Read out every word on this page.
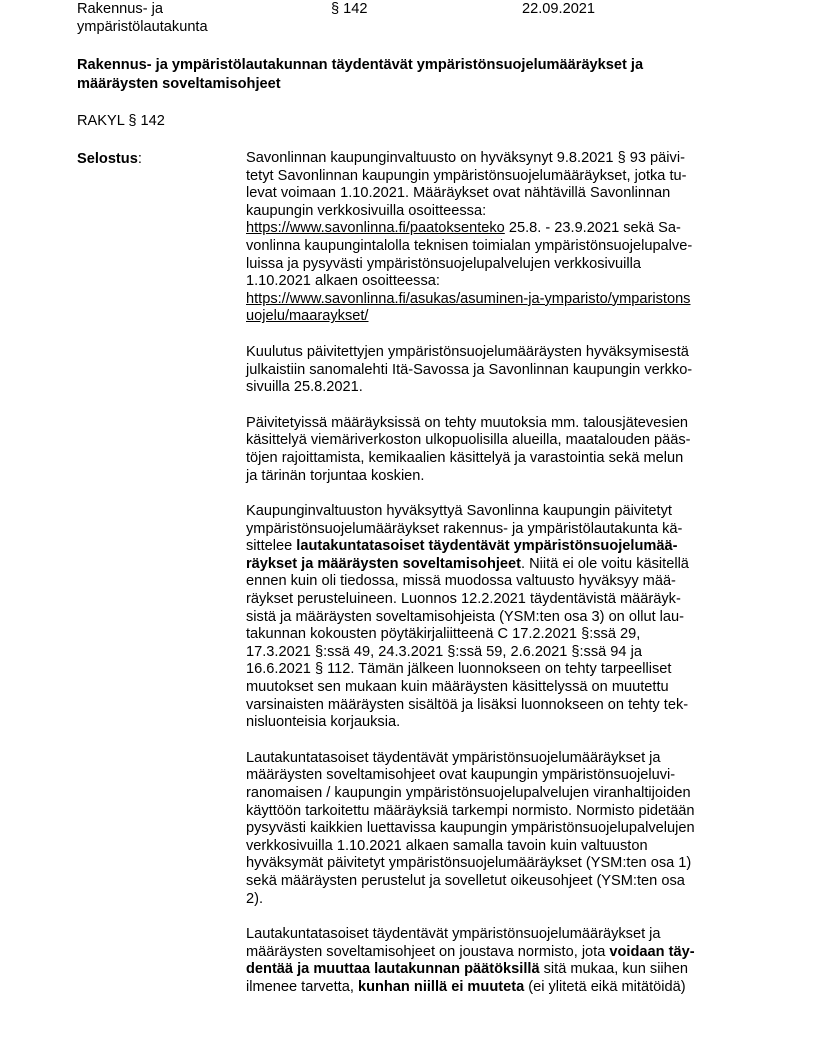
Rakennus- ja
ympäristölautakunta
§ 142	22.09.2021
Rakennus- ja ympäristölautakunnan täydentävät ympäristönsuojelumääräykset ja
määräysten soveltamisohjeet
RAKYL § 142
Selostus:	Savonlinnan kaupunginvaltuusto on hyväksynyt 9.8.2021 § 93 päivi-
tetyt Savonlinnan kaupungin ympäristönsuojelumääräykset, jotka tu-
levat voimaan 1.10.2021. Määräykset ovat nähtävillä Savonlinnan
kaupungin verkkosivuilla osoitteessa:
https://www.savonlinna.fi/paatoksenteko 25.8. - 23.9.2021 sekä Sa-
vonlinna kaupungintalolla teknisen toimialan ympäristönsuojelupalve-
luissa ja pysyvästi ympäristönsuojelupalvelujen verkkosivuilla
1.10.2021 alkaen osoitteessa:
https://www.savonlinna.fi/asukas/asuminen-ja-ymparisto/ymparistons
uojelu/maaraykset/
Kuulutus päivitettyjen ympäristönsuojelumääräysten hyväksymisestä
julkaistiin sanomalehti Itä-Savossa ja Savonlinnan kaupungin verkko-
sivuilla 25.8.2021.
Päivitetyissä määräyksissä on tehty muutoksia mm. talousjätevesien
käsittelyä viemäriverkoston ulkopuolisilla alueilla, maatalouden pääs-
töjen rajoittamista, kemikaalien käsittelyä ja varastointia sekä melun
ja tärinän torjuntaa koskien.
Kaupunginvaltuuston hyväksyttyä Savonlinna kaupungin päivitetyt
ympäristönsuojelumääräykset rakennus- ja ympäristölautakunta kä-
sittelee lautakuntatasoiset täydentävät ympäristönsuojelumää-
räykset ja määräysten soveltamisohjeet. Niitä ei ole voitu käsitellä
ennen kuin oli tiedossa, missä muodossa valtuusto hyväksyy mää-
räykset perusteluineen. Luonnos 12.2.2021 täydentävistä määräyk-
sistä ja määräysten soveltamisohjeista (YSM:ten osa 3) on ollut lau-
takunnan kokousten pöytäkirjaliitteenä C 17.2.2021 §:ssä 29,
17.3.2021 §:ssä 49, 24.3.2021 §:ssä 59, 2.6.2021 §:ssä 94 ja
16.6.2021 § 112. Tämän jälkeen luonnokseen on tehty tarpeelliset
muutokset sen mukaan kuin määräysten käsittelyssä on muutettu
varsinaisten määräysten sisältöä ja lisäksi luonnokseen on tehty tek-
nisluonteisia korjauksia.
Lautakuntatasoiset täydentävät ympäristönsuojelumääräykset ja
määräysten soveltamisohjeet ovat kaupungin ympäristönsuojeluvi-
ranomaisen / kaupungin ympäristönsuojelupalvelujen viranhaltijoiden
käyttöön tarkoitettu määräyksiä tarkempi normisto. Normisto pidetään
pysyvästi kaikkien luettavissa kaupungin ympäristönsuojelupalvelujen
verkkosivuilla 1.10.2021 alkaen samalla tavoin kuin valtuuston
hyväksymät päivitetyt ympäristönsuojelumääräykset (YSM:ten osa 1)
sekä määräysten perustelut ja sovelletut oikeusohjeet (YSM:ten osa
2).
Lautakuntatasoiset täydentävät ympäristönsuojelumääräykset ja
määräysten soveltamisohjeet on joustava normisto, jota voidaan täy-
dentää ja muuttaa lautakunnan päätöksillä sitä mukaa, kun siihen
ilmenee tarvetta, kunhan niillä ei muuteta (ei ylitetä eikä mitätöidä)
